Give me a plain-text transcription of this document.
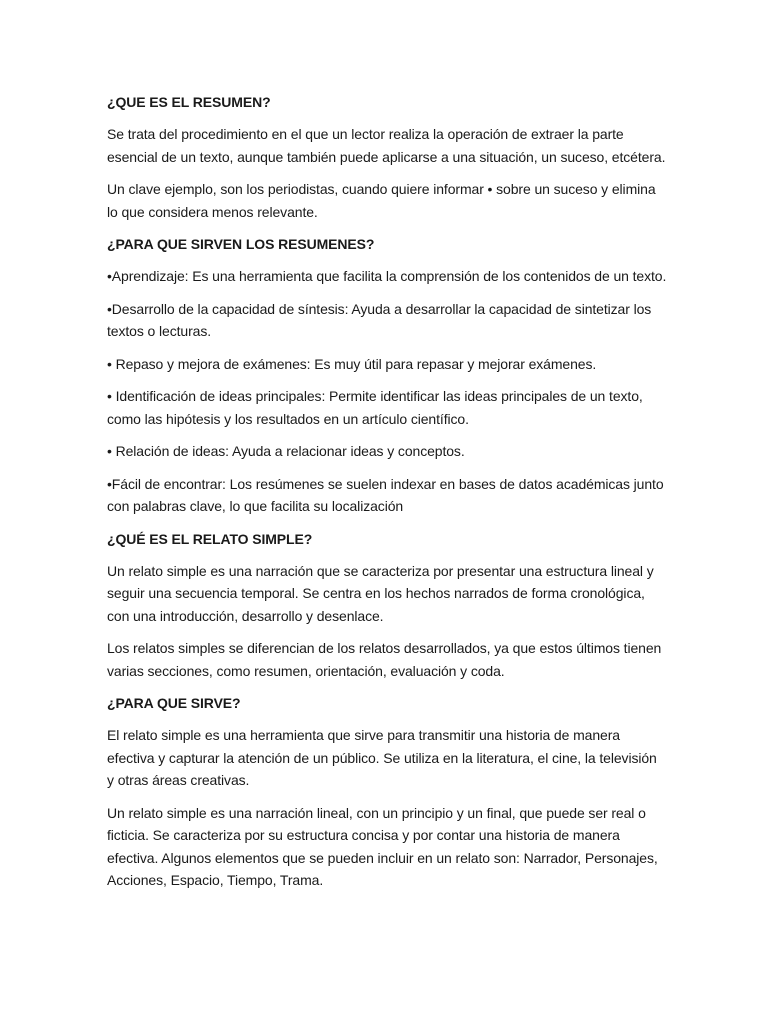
¿QUE ES EL RESUMEN?

Se trata del procedimiento en el que un lector realiza la operación de extraer la parte esencial de un texto, aunque también puede aplicarse a una situación, un suceso, etcétera.

Un clave ejemplo, son los periodistas, cuando quiere informar • sobre un suceso y elimina lo que considera menos relevante.

¿PARA QUE SIRVEN LOS RESUMENES?

•Aprendizaje: Es una herramienta que facilita la comprensión de los contenidos de un texto.

•Desarrollo de la capacidad de síntesis: Ayuda a desarrollar la capacidad de sintetizar los textos o lecturas.

• Repaso y mejora de exámenes: Es muy útil para repasar y mejorar exámenes.

• Identificación de ideas principales: Permite identificar las ideas principales de un texto, como las hipótesis y los resultados en un artículo científico.

• Relación de ideas: Ayuda a relacionar ideas y conceptos.

•Fácil de encontrar: Los resúmenes se suelen indexar en bases de datos académicas junto con palabras clave, lo que facilita su localización

¿QUÉ ES EL RELATO SIMPLE?

Un relato simple es una narración que se caracteriza por presentar una estructura lineal y seguir una secuencia temporal. Se centra en los hechos narrados de forma cronológica, con una introducción, desarrollo y desenlace.

Los relatos simples se diferencian de los relatos desarrollados, ya que estos últimos tienen varias secciones, como resumen, orientación, evaluación y coda.

¿PARA QUE SIRVE?

El relato simple es una herramienta que sirve para transmitir una historia de manera efectiva y capturar la atención de un público. Se utiliza en la literatura, el cine, la televisión y otras áreas creativas.

Un relato simple es una narración lineal, con un principio y un final, que puede ser real o ficticia. Se caracteriza por su estructura concisa y por contar una historia de manera efectiva. Algunos elementos que se pueden incluir en un relato son: Narrador, Personajes, Acciones, Espacio, Tiempo, Trama.
